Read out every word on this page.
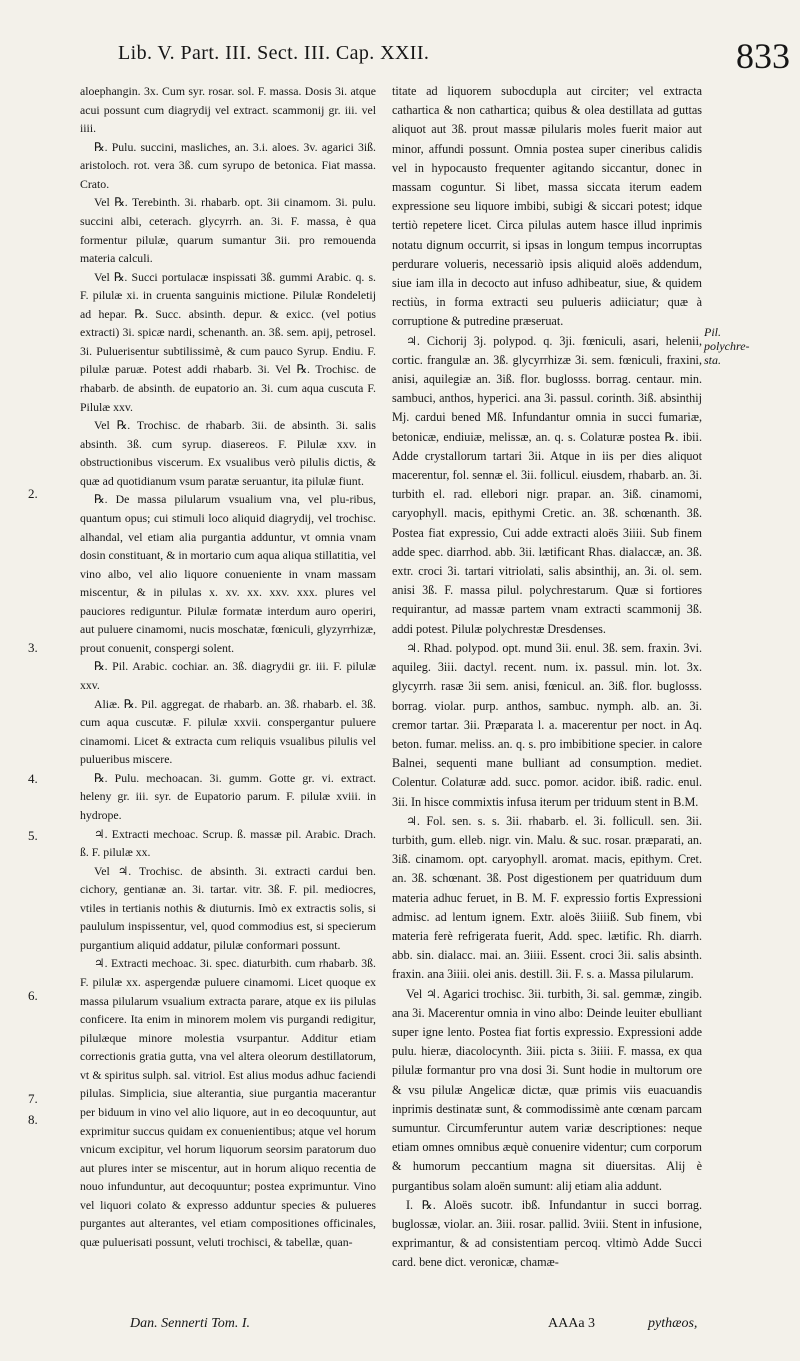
Lib. V. Part. III. Sect. III. Cap. XXII.	833

aloephangin. 3x. Cum syr. rosar. sol. F. massa. Dosis 3i. atque acui possunt cum diagrydij vel extract. scammonij gr. iii. vel iiii.

℞. Pulu. succini, masliches, an. 3.i. aloes. 3v. agarici 3iß. aristoloch. rot. vera 3ß. cum syrupo de betonica. Fiat massa. Crato.

Vel ℞. Terebinth. 3i. rhabarb. opt. 3ii cinamom. 3i. pulu. succini albi, ceterach. glycyrrh. an. 3i. F. massa, è qua formentur pilulæ, quarum sumantur 3ii. pro remouenda materia calculi.

Vel ℞. Succi portulacæ inspissati 3ß. gummi Arabic. q. s. F. pilulæ xi. in cruenta sanguinis mictione. Pilulæ Rondeletij ad hepar. ℞. Succ. absinth. depur. & exicc. (vel potius extracti) 3i. spicæ nardi, schenanth. an. 3ß. sem. apij, petrosel. 3i. Puluerisentur subtilissimè, & cum pauco Syrup. Endiu. F. pilulæ paruæ. Potest addi rhabarb. 3i. Vel ℞. Trochisc. de rhabarb. de absinth. de eupatorio an. 3i. cum aqua cuscuta F. Pilulæ xxv.

Vel ℞. Trochisc. de rhabarb. 3ii. de absinth. 3i. salis absinth. 3ß. cum syrup. diasereos. F. Pilulæ xxv. in obstructionibus viscerum. Ex vsualibus verò pilulis dictis, & quæ ad quotidianum vsum paratæ seruantur, ita pilulæ fiunt.

℞. De massa pilularum vsualium vna, vel plu-ribus, quantum opus; cui stimuli loco aliquid diagrydij, vel trochisc. alhandal, vel etiam alia purgantia adduntur, vt omnia vnam dosin constituant, & in mortario cum aqua aliqua stillatitia, vel vino albo, vel alio liquore conueniente in vnam massam miscentur, & in pilulas x. xv. xx. xxv. xxx. plures vel pauciores rediguntur. Pilulæ formatæ interdum auro operiri, aut puluere cinamomi, nucis moschatæ, fœniculi, glyzyrrhizæ, prout conuenit, conspergi solent.

℞. Pil. Arabic. cochiar. an. 3ß. diagrydii gr. iii. F. pilulæ xxv.

Aliæ. ℞. Pil. aggregat. de rhabarb. an. 3ß. rhabarb. el. 3ß. cum aqua cuscutæ. F. pilulæ xxvii. conspergantur puluere cinamomi. Licet & extracta cum reliquis vsualibus pilulis vel pulueribus miscere.

℞. Pulu. mechoacan. 3i. gumm. Gotte gr. vi. extract. heleny gr. iii. syr. de Eupatorio parum. F. pilulæ xviii. in hydrope.

♃. Extracti mechoac. Scrup. ß. massæ pil. Arabic. Drach. ß. F. pilulæ xx.

Vel ♃. Trochisc. de absinth. 3i. extracti cardui ben. cichory, gentianæ an. 3i. tartar. vitr. 3ß. F. pil. mediocres, vtiles in tertianis nothis & diuturnis. Imò ex extractis solis, si paululum inspissentur, vel, quod commodius est, si specierum purgantium aliquid addatur, pilulæ conformari possunt.

♃. Extracti mechoac. 3i. spec. diaturbith. cum rhabarb. 3ß. F. pilulæ xx. aspergendæ puluere cinamomi. Licet quoque ex massa pilularum vsualium extracta parare, atque ex iis pilulas conficere. Ita enim in minorem molem vis purgandi redigitur, pilulæque minore molestia vsurpantur. Additur etiam correctionis gratia gutta, vna vel altera oleorum destillatorum, vt & spiritus sulph. sal. vitriol. Est alius modus adhuc faciendi pilulas. Simplicia, siue alterantia, siue purgantia macerantur per biduum in vino vel alio liquore, aut in eo decoquuntur, aut exprimitur succus quidam ex conuenientibus; atque vel horum vnicum excipitur, vel horum liquorum seorsim paratorum duo aut plures inter se miscentur, aut in horum aliquo recentia de nouo infunduntur, aut decoquuntur; postea exprimuntur. Vino vel liquori colato & expresso adduntur species & pulueres purgantes aut alterantes, vel etiam compositiones officinales, quæ puluerisati possunt, veluti trochisci, & tabellæ, quan-

titate ad liquorem subocdupla aut circiter; vel extracta cathartica & non cathartica; quibus & olea destillata ad guttas aliquot aut 3ß. prout massæ pilularis moles fuerit maior aut minor, affundi possunt. Omnia postea super cineribus calidis vel in hypocausto frequenter agitando siccantur, donec in massam coguntur. Si libet, massa siccata iterum eadem expressione seu liquore imbibi, subigi & siccari potest; idque tertiò repetere licet. Circa pilulas autem hasce illud inprimis notatu dignum occurrit, si ipsas in longum tempus incorruptas perdurare volueris, necessariò ipsis aliquid aloës addendum, siue iam illa in decocto aut infuso adhibeatur, siue, & quidem rectiùs, in forma extracti seu pulueris adiiciatur; quæ à corruptione & putredine præseruat.

♃. Cichorij 3j. polypod. q. 3ji. fœniculi, asari, helenii, cortic. frangulæ an. 3ß. glycyrrhizæ 3i. sem. fœniculi, fraxini, anisi, aquilegiæ an. 3iß. flor. buglosss. borrag. centaur. min. sambuci, anthos, hyperici. ana 3i. passul. corinth. 3iß. absinthij Mj. cardui bened Mß. Infundantur omnia in succi fumariæ, betonicæ, endiuiæ, melissæ, an. q. s. Colaturæ postea ℞. ibii. Adde crystallorum tartari 3ii. Atque in iis per dies aliquot macerentur, fol. sennæ el. 3ii. follicul. eiusdem, rhabarb. an. 3i. turbith el. rad. ellebori nigr. prapar. an. 3iß. cinamomi, caryophyll. macis, epithymi Cretic. an. 3ß. schœnanth. 3ß. Postea fiat expressio, Cui adde extracti aloës 3iiii. Sub finem adde spec. diarrhod. abb. 3ii. lætificant Rhas. dialaccæ, an. 3ß. extr. croci 3i. tartari vitriolati, salis absinthij, an. 3i. ol. sem. anisi 3ß. F. massa pilul. polychrestarum. Quæ si fortiores requirantur, ad massæ partem vnam extracti scammonij 3ß. addi potest. Pilulæ polychrestæ Dresdenses.

♃. Rhad. polypod. opt. mund 3ii. enul. 3ß. sem. fraxin. 3vi. aquileg. 3iii. dactyl. recent. num. ix. passul. min. lot. 3x. glycyrrh. rasæ 3ii sem. anisi, fœnicul. an. 3iß. flor. buglosss. borrag. violar. purp. anthos, sambuc. nymph. alb. an. 3i. cremor tartar. 3ii. Præparata l. a. macerentur per noct. in Aq. beton. fumar. meliss. an. q. s. pro imbibitione specier. in calore Balnei, sequenti mane bulliant ad consumption. mediet. Colentur. Colaturæ add. succ. pomor. acidor. ibiß. radic. enul. 3ii. In hisce commixtis infusa iterum per triduum stent in B.M.

♃. Fol. sen. s. s. 3ii. rhabarb. el. 3i. follicull. sen. 3ii. turbith, gum. elleb. nigr. vin. Malu. & suc. rosar. præparati, an. 3iß. cinamom. opt. caryophyll. aromat. macis, epithym. Cret. an. 3ß. schœnant. 3ß. Post digestionem per quatriduum dum materia adhuc feruet, in B. M. F. expressio fortis Expressioni admisc. ad lentum ignem. Extr. aloës 3iiiiß. Sub finem, vbi materia ferè refrigerata fuerit, Add. spec. lætific. Rh. diarrh. abb. sin. dialacc. mai. an. 3iiii. Essent. croci 3ii. salis absinth. fraxin. ana 3iiii. olei anis. destill. 3ii. F. s. a. Massa pilularum.

Vel ♃. Agarici trochisc. 3ii. turbith, 3i. sal. gemmæ, zingib. ana 3i. Macerentur omnia in vino albo: Deinde leuiter ebulliant super igne lento. Postea fiat fortis expressio. Expressioni adde pulu. hieræ, diacolocynth. 3iii. picta s. 3iiii. F. massa, ex qua pilulæ formantur pro vna dosi 3i. Sunt hodie in multorum ore & vsu pilulæ Angelicæ dictæ, quæ primis viis euacuandis inprimis destinatæ sunt, & commodissimè ante cœnam parcam sumuntur. Circumferuntur autem variæ descriptiones: neque etiam omnes omnibus æquè conuenire videntur; cum corporum & humorum peccantium magna sit diuersitas. Alij è purgantibus solam aloën sumunt: alij etiam alia addunt.

I. ℞. Aloës sucotr. ibß. Infundantur in succi borrag. buglossæ, violar. an. 3iii. rosar. pallid. 3viii. Stent in infusione, exprimantur, & ad consistentiam percoq. vltimò Adde Succi card. bene dict. veronicæ, chamæ-

Pil. polychre-sta.
2.
3.
4.
5.
6.
7.
8.
Dan. Sennerti Tom. I.	AAAa 3	pythæos,
